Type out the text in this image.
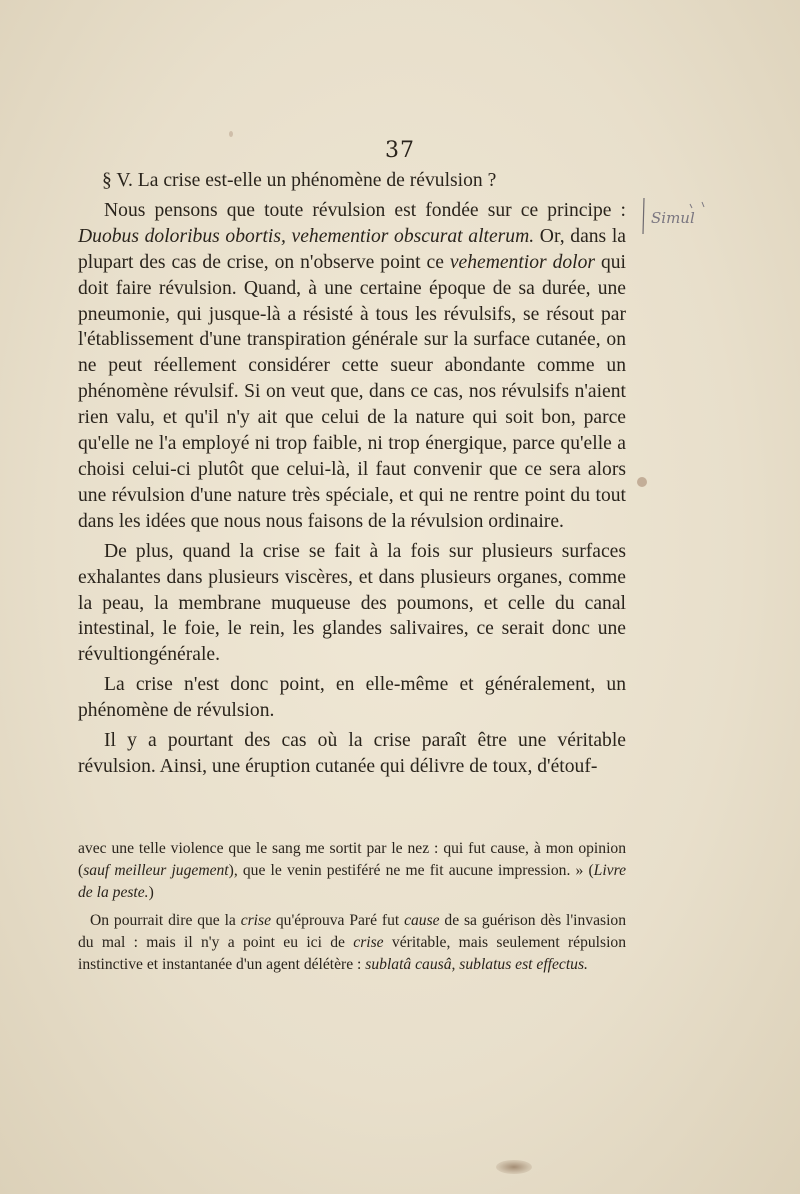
37

§ V. La crise est-elle un phénomène de révulsion ?

Nous pensons que toute révulsion est fondée sur ce principe : Duobus doloribus obortis, vehementior obscurat alterum. Or, dans la plupart des cas de crise, on n'observe point ce vehementior dolor qui doit faire révulsion. Quand, à une certaine époque de sa durée, une pneumonie, qui jusque-là a résisté à tous les révulsifs, se résout par l'établissement d'une transpiration générale sur la surface cutanée, on ne peut réellement considérer cette sueur abondante comme un phénomène révulsif. Si on veut que, dans ce cas, nos révulsifs n'aient rien valu, et qu'il n'y ait que celui de la nature qui soit bon, parce qu'elle ne l'a employé ni trop faible, ni trop énergique, parce qu'elle a choisi celui-ci plutôt que celui-là, il faut convenir que ce sera alors une révulsion d'une nature très spéciale, et qui ne rentre point du tout dans les idées que nous nous faisons de la révulsion ordinaire.

De plus, quand la crise se fait à la fois sur plusieurs surfaces exhalantes dans plusieurs viscères, et dans plusieurs organes, comme la peau, la membrane muqueuse des poumons, et celle du canal intestinal, le foie, le rein, les glandes salivaires, ce serait donc une révultiongénérale.

La crise n'est donc point, en elle-même et généralement, un phénomène de révulsion.

Il y a pourtant des cas où la crise paraît être une véritable révulsion. Ainsi, une éruption cutanée qui délivre de toux, d'étouf-

avec une telle violence que le sang me sortit par le nez : qui fut cause, à mon opinion (sauf meilleur jugement), que le venin pestiféré ne me fit aucune impression. » (Livre de la peste.)

On pourrait dire que la crise qu'éprouva Paré fut cause de sa guérison dès l'invasion du mal : mais il n'y a point eu ici de crise véritable, mais seulement répulsion instinctive et instantanée d'un agent délétère : sublatâ causâ, sublatus est effectus.

Simul
